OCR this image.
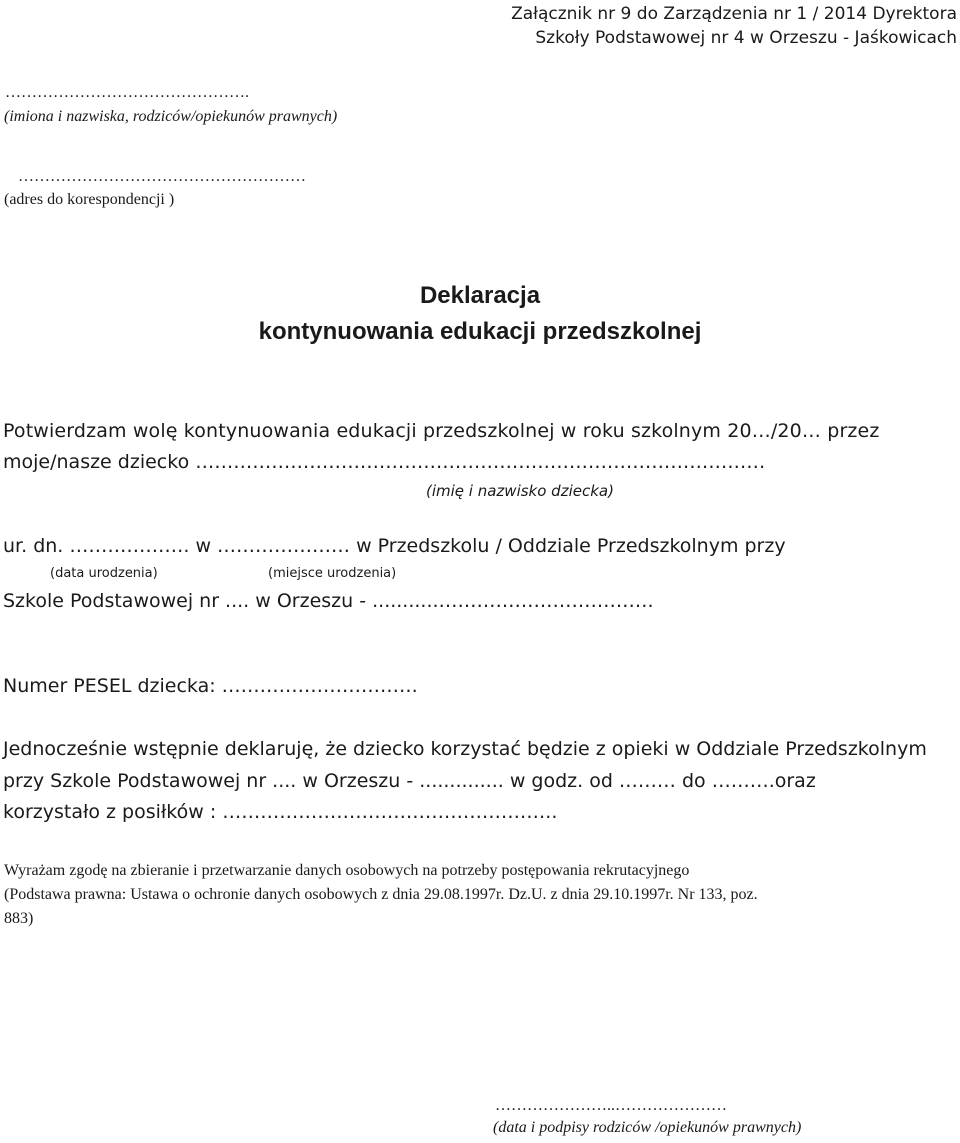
Załącznik nr 9 do Zarządzenia nr 1 / 2014 Dyrektora
Szkoły Podstawowej nr 4 w Orzeszu - Jaśkowicach
……………………………………….
(imiona i nazwiska, rodziców/opiekunów prawnych)
………………………………………………
(adres do korespondencji )
Deklaracja
kontynuowania edukacji przedszkolnej
Potwierdzam wolę kontynuowania edukacji przedszkolnej w roku szkolnym 20…/20… przez
moje/nasze dziecko ………………………………………………………………………………
(imię i nazwisko dziecka)
ur. dn. ………………. w ………………… w Przedszkolu / Oddziale Przedszkolnym przy
(data urodzenia)	(miejsce urodzenia)
Szkole Podstawowej nr .... w Orzeszu - ...........…………………………….
Numer PESEL dziecka: ………………………….
Jednocześnie wstępnie deklaruję, że dziecko korzystać będzie z opieki w Oddziale Przedszkolnym
przy Szkole Podstawowej nr .... w Orzeszu - .............. w godz. od ……… do ……….oraz
korzystało z posiłków : ……………………………………………..
Wyrażam zgodę na zbieranie i przetwarzanie danych osobowych na potrzeby postępowania rekrutacyjnego
(Podstawa prawna: Ustawa o ochronie danych osobowych z dnia 29.08.1997r. Dz.U. z dnia 29.10.1997r. Nr 133, poz.
883)
…………………..…………………
(data i podpisy rodziców /opiekunów prawnych)
